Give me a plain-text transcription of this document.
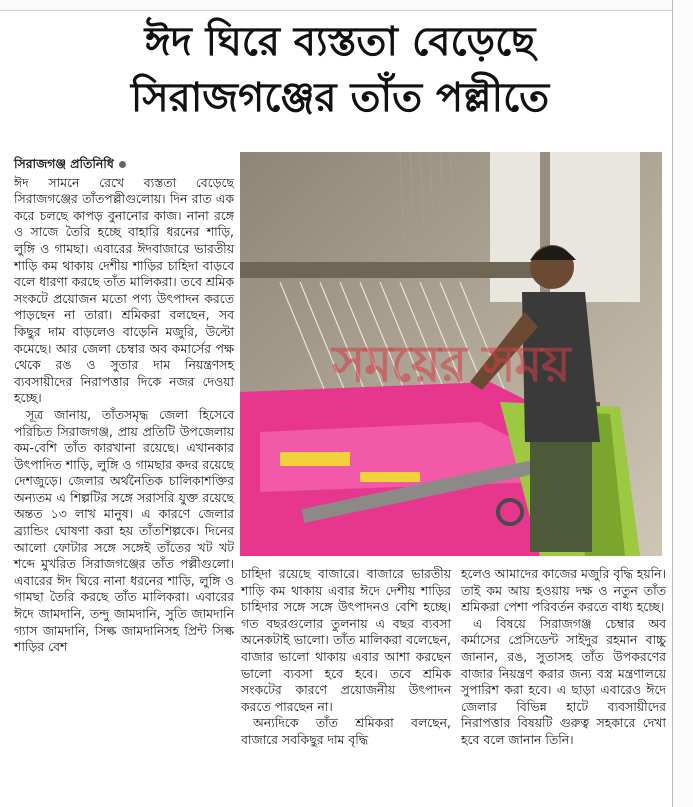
ঈদ ঘিরে ব্যস্ততা বেড়েছে
সিরাজগঞ্জের তাঁত পল্লীতে
সিরাজগঞ্জ প্রতিনিধি

ঈদ সামনে রেখে ব্যস্ততা বেড়েছে সিরাজগঞ্জের তাঁতপল্লীগুলোয়। দিন রাত এক করে চলছে কাপড় বুনানোর কাজ। নানা রঙ্গে ও সাজে তৈরি হচ্ছে বাহারি ধরনের শাড়ি, লুঙ্গি ও গামছা। এবারের ঈদবাজারে ভারতীয় শাড়ি কম থাকায় দেশীয় শাড়ির চাহিদা বাড়বে বলে ধারণা করছে তাঁত মালিকরা। তবে শ্রমিক সংকটে প্রয়োজন মতো পণ্য উৎপাদন করতে পাড়ছেন না তারা। শ্রমিকরা বলছেন, সব কিছুর দাম বাড়লেও বাড়েনি মজুরি, উল্টো কমেছে। আর জেলা চেম্বার অব কমার্সের পক্ষ থেকে রঙ ও সুতার দাম নিয়ন্ত্রণসহ ব্যবসায়ীদের নিরাপত্তার দিকে নজর দেওয়া হচ্ছে।

সূত্র জানায়, তাঁতসমৃদ্ধ জেলা হিসেবে পরিচিত সিরাজগঞ্জ, প্রায় প্রতিটি উপজেলায় কম-বেশি তাঁত কারখানা রয়েছে। এখানকার উৎপাদিত শাড়ি, লুঙ্গি ও গামছার কদর রয়েছে দেশজুড়ে। জেলার অর্থনৈতিক চালিকাশক্তির অন্যতম এ শিল্পটির সঙ্গে সরাসরি যুক্ত রয়েছে অন্তত ১৩ লাখ মানুষ। এ কারণে জেলার ব্র্যান্ডিং ঘোষণা করা হয় তাঁতশিল্পকে। দিনের আলো ফোটার সঙ্গে সঙ্গেই তাঁতের খট খট শব্দে মুখরিত সিরাজগঞ্জের তাঁত পল্লীগুলো। এবারের ঈদ ঘিরে নানা ধরনের শাড়ি, লুঙ্গি ও গামছা তৈরি করছে তাঁত মালিকরা। এবারের ঈদে জামদানি, তন্দু জামদানি, সুতি জামদানি গ্যাস জামদানি, সিল্ক জামদানিসহ প্রিন্ট সিল্ক শাড়ির বেশ

সময়ের সময়

চাহিদা রয়েছে বাজারে। বাজারে ভারতীয় শাড়ি কম থাকায় এবার ঈদে দেশীয় শাড়ির চাহিদার সঙ্গে সঙ্গে উৎপাদনও বেশি হচ্ছে। গত বছরগুলোর তুলনায় এ বছর ব্যবসা অনেকটাই ভালো। তাঁত মালিকরা বলেছেন, বাজার ভালো থাকায় এবার আশা করছেন ভালো ব্যবসা হবে হবে। তবে শ্রমিক সংকটের কারণে প্রয়োজনীয় উৎপাদন করতে পারছেন না।

অন্যদিকে তাঁত শ্রমিকরা বলছেন, বাজারে সবকিছুর দাম বৃদ্ধি

হলেও আমাদের কাজের মজুরি বৃদ্ধি হয়নি। তাই কম আয় হওয়ায় দক্ষ ও নতুন তাঁত শ্রমিকরা পেশা পরিবর্তন করতে বাধ্য হচ্ছে।

এ বিষয়ে সিরাজগঞ্জ চেম্বার অব কর্মাসের প্রেসিডেন্ট সাইদুর রহমান বাচ্চু জানান, রঙ, সুতাসহ তাঁত উপকরণের বাজার নিয়ন্ত্রণ করার জন্য বস্ত্র মন্ত্রণালয়ে সুপারিশ করা হবে। এ ছাড়া এবারেও ঈদে জেলার বিভিন্ন হাটে ব্যবসায়ীদের নিরাপত্তার বিষয়টি গুরুত্ব সহকারে দেখা হবে বলে জানান তিনি।
